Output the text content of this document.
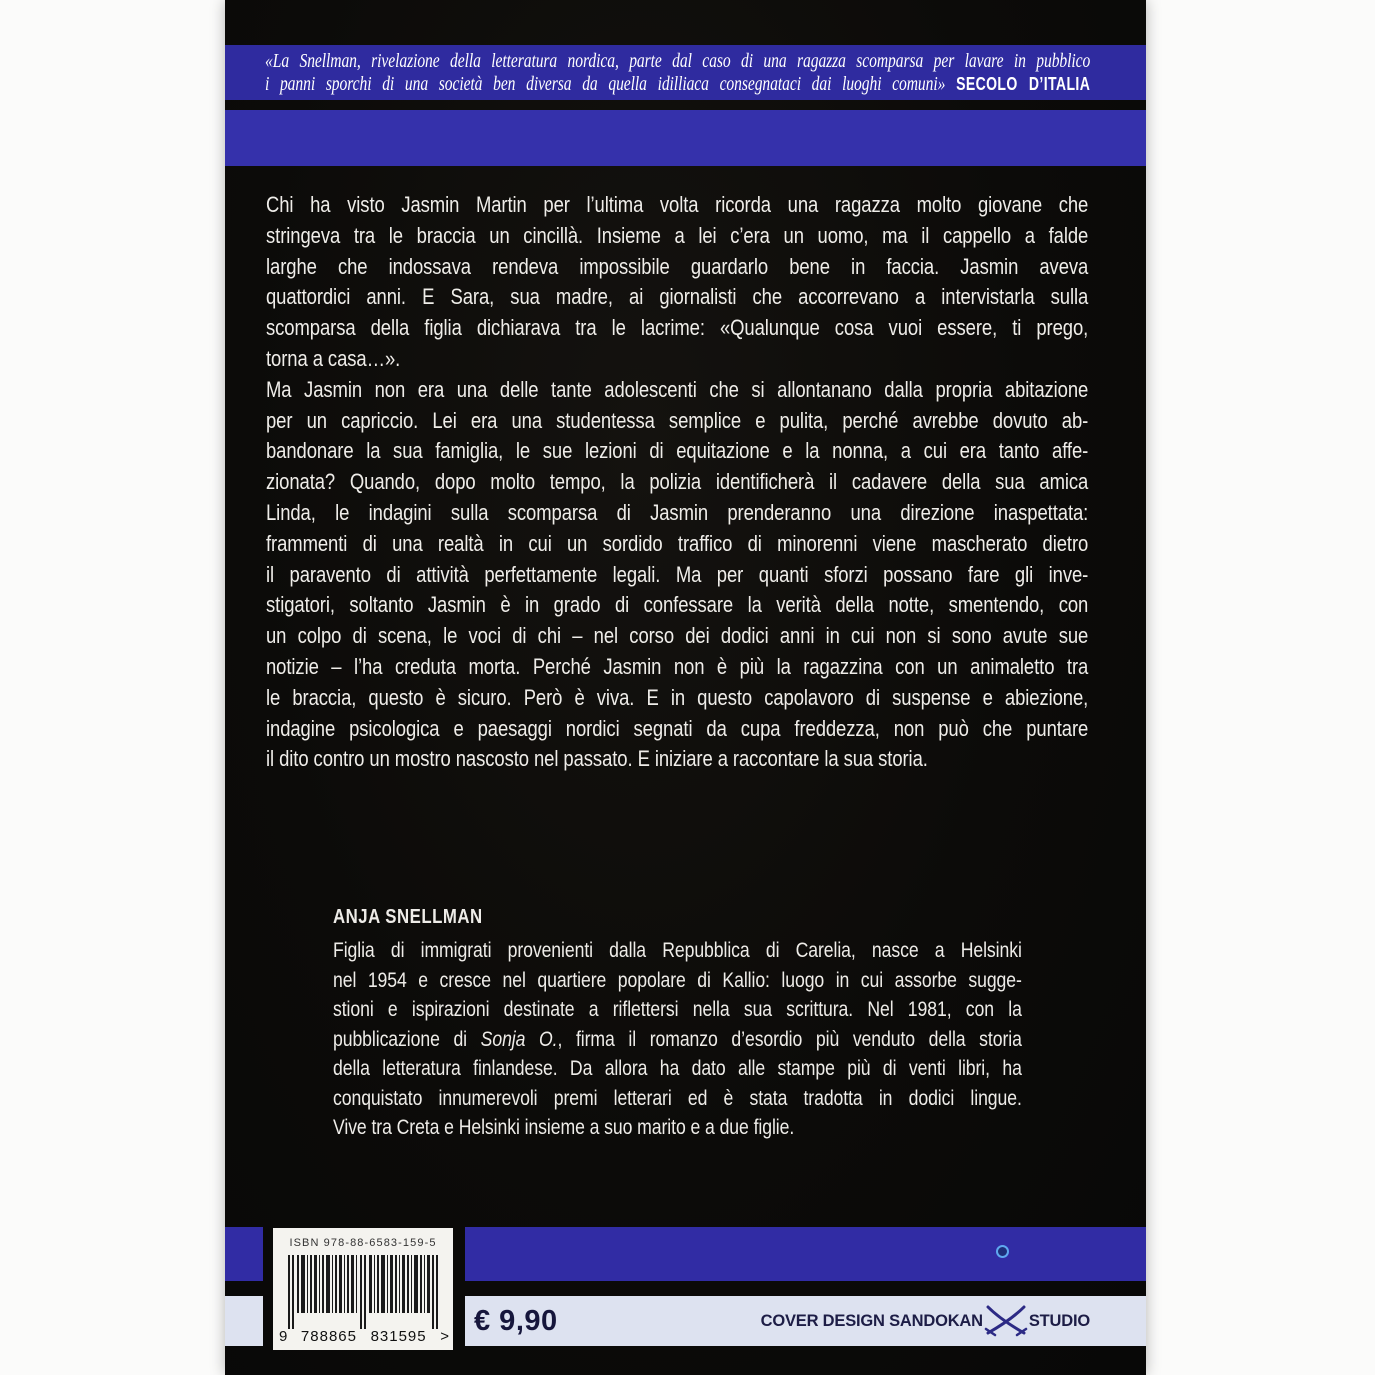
«La Snellman, rivelazione della letteratura nordica, parte dal caso di una ragazza scomparsa per lavare in pubblico
i panni sporchi di una società ben diversa da quella idilliaca consegnataci dai luoghi comuni» SECOLO D’ITALIA
Chi ha visto Jasmin Martin per l’ultima volta ricorda una ragazza molto giovane che
stringeva tra le braccia un cincillà. Insieme a lei c’era un uomo, ma il cappello a falde
larghe che indossava rendeva impossibile guardarlo bene in faccia. Jasmin aveva
quattordici anni. E Sara, sua madre, ai giornalisti che accorrevano a intervistarla sulla
scomparsa della figlia dichiarava tra le lacrime: «Qualunque cosa vuoi essere, ti prego,
torna a casa…».
Ma Jasmin non era una delle tante adolescenti che si allontanano dalla propria abitazione
per un capriccio. Lei era una studentessa semplice e pulita, perché avrebbe dovuto ab-
bandonare la sua famiglia, le sue lezioni di equitazione e la nonna, a cui era tanto affe-
zionata? Quando, dopo molto tempo, la polizia identificherà il cadavere della sua amica
Linda, le indagini sulla scomparsa di Jasmin prenderanno una direzione inaspettata:
frammenti di una realtà in cui un sordido traffico di minorenni viene mascherato dietro
il paravento di attività perfettamente legali. Ma per quanti sforzi possano fare gli inve-
stigatori, soltanto Jasmin è in grado di confessare la verità della notte, smentendo, con
un colpo di scena, le voci di chi – nel corso dei dodici anni in cui non si sono avute sue
notizie – l’ha creduta morta. Perché Jasmin non è più la ragazzina con un animaletto tra
le braccia, questo è sicuro. Però è viva. E in questo capolavoro di suspense e abiezione,
indagine psicologica e paesaggi nordici segnati da cupa freddezza, non può che puntare
il dito contro un mostro nascosto nel passato. E iniziare a raccontare la sua storia.
ANJA SNELLMAN
Figlia di immigrati provenienti dalla Repubblica di Carelia, nasce a Helsinki
nel 1954 e cresce nel quartiere popolare di Kallio: luogo in cui assorbe sugge-
stioni e ispirazioni destinate a riflettersi nella sua scrittura. Nel 1981, con la
pubblicazione di Sonja O., firma il romanzo d’esordio più venduto della storia
della letteratura finlandese. Da allora ha dato alle stampe più di venti libri, ha
conquistato innumerevoli premi letterari ed è stata tradotta in dodici lingue.
Vive tra Creta e Helsinki insieme a suo marito e a due figlie.
€ 9,90	COVER DESIGN SANDOKAN	STUDIO
ISBN 978-88-6583-159-5
9 788865 831595 >
